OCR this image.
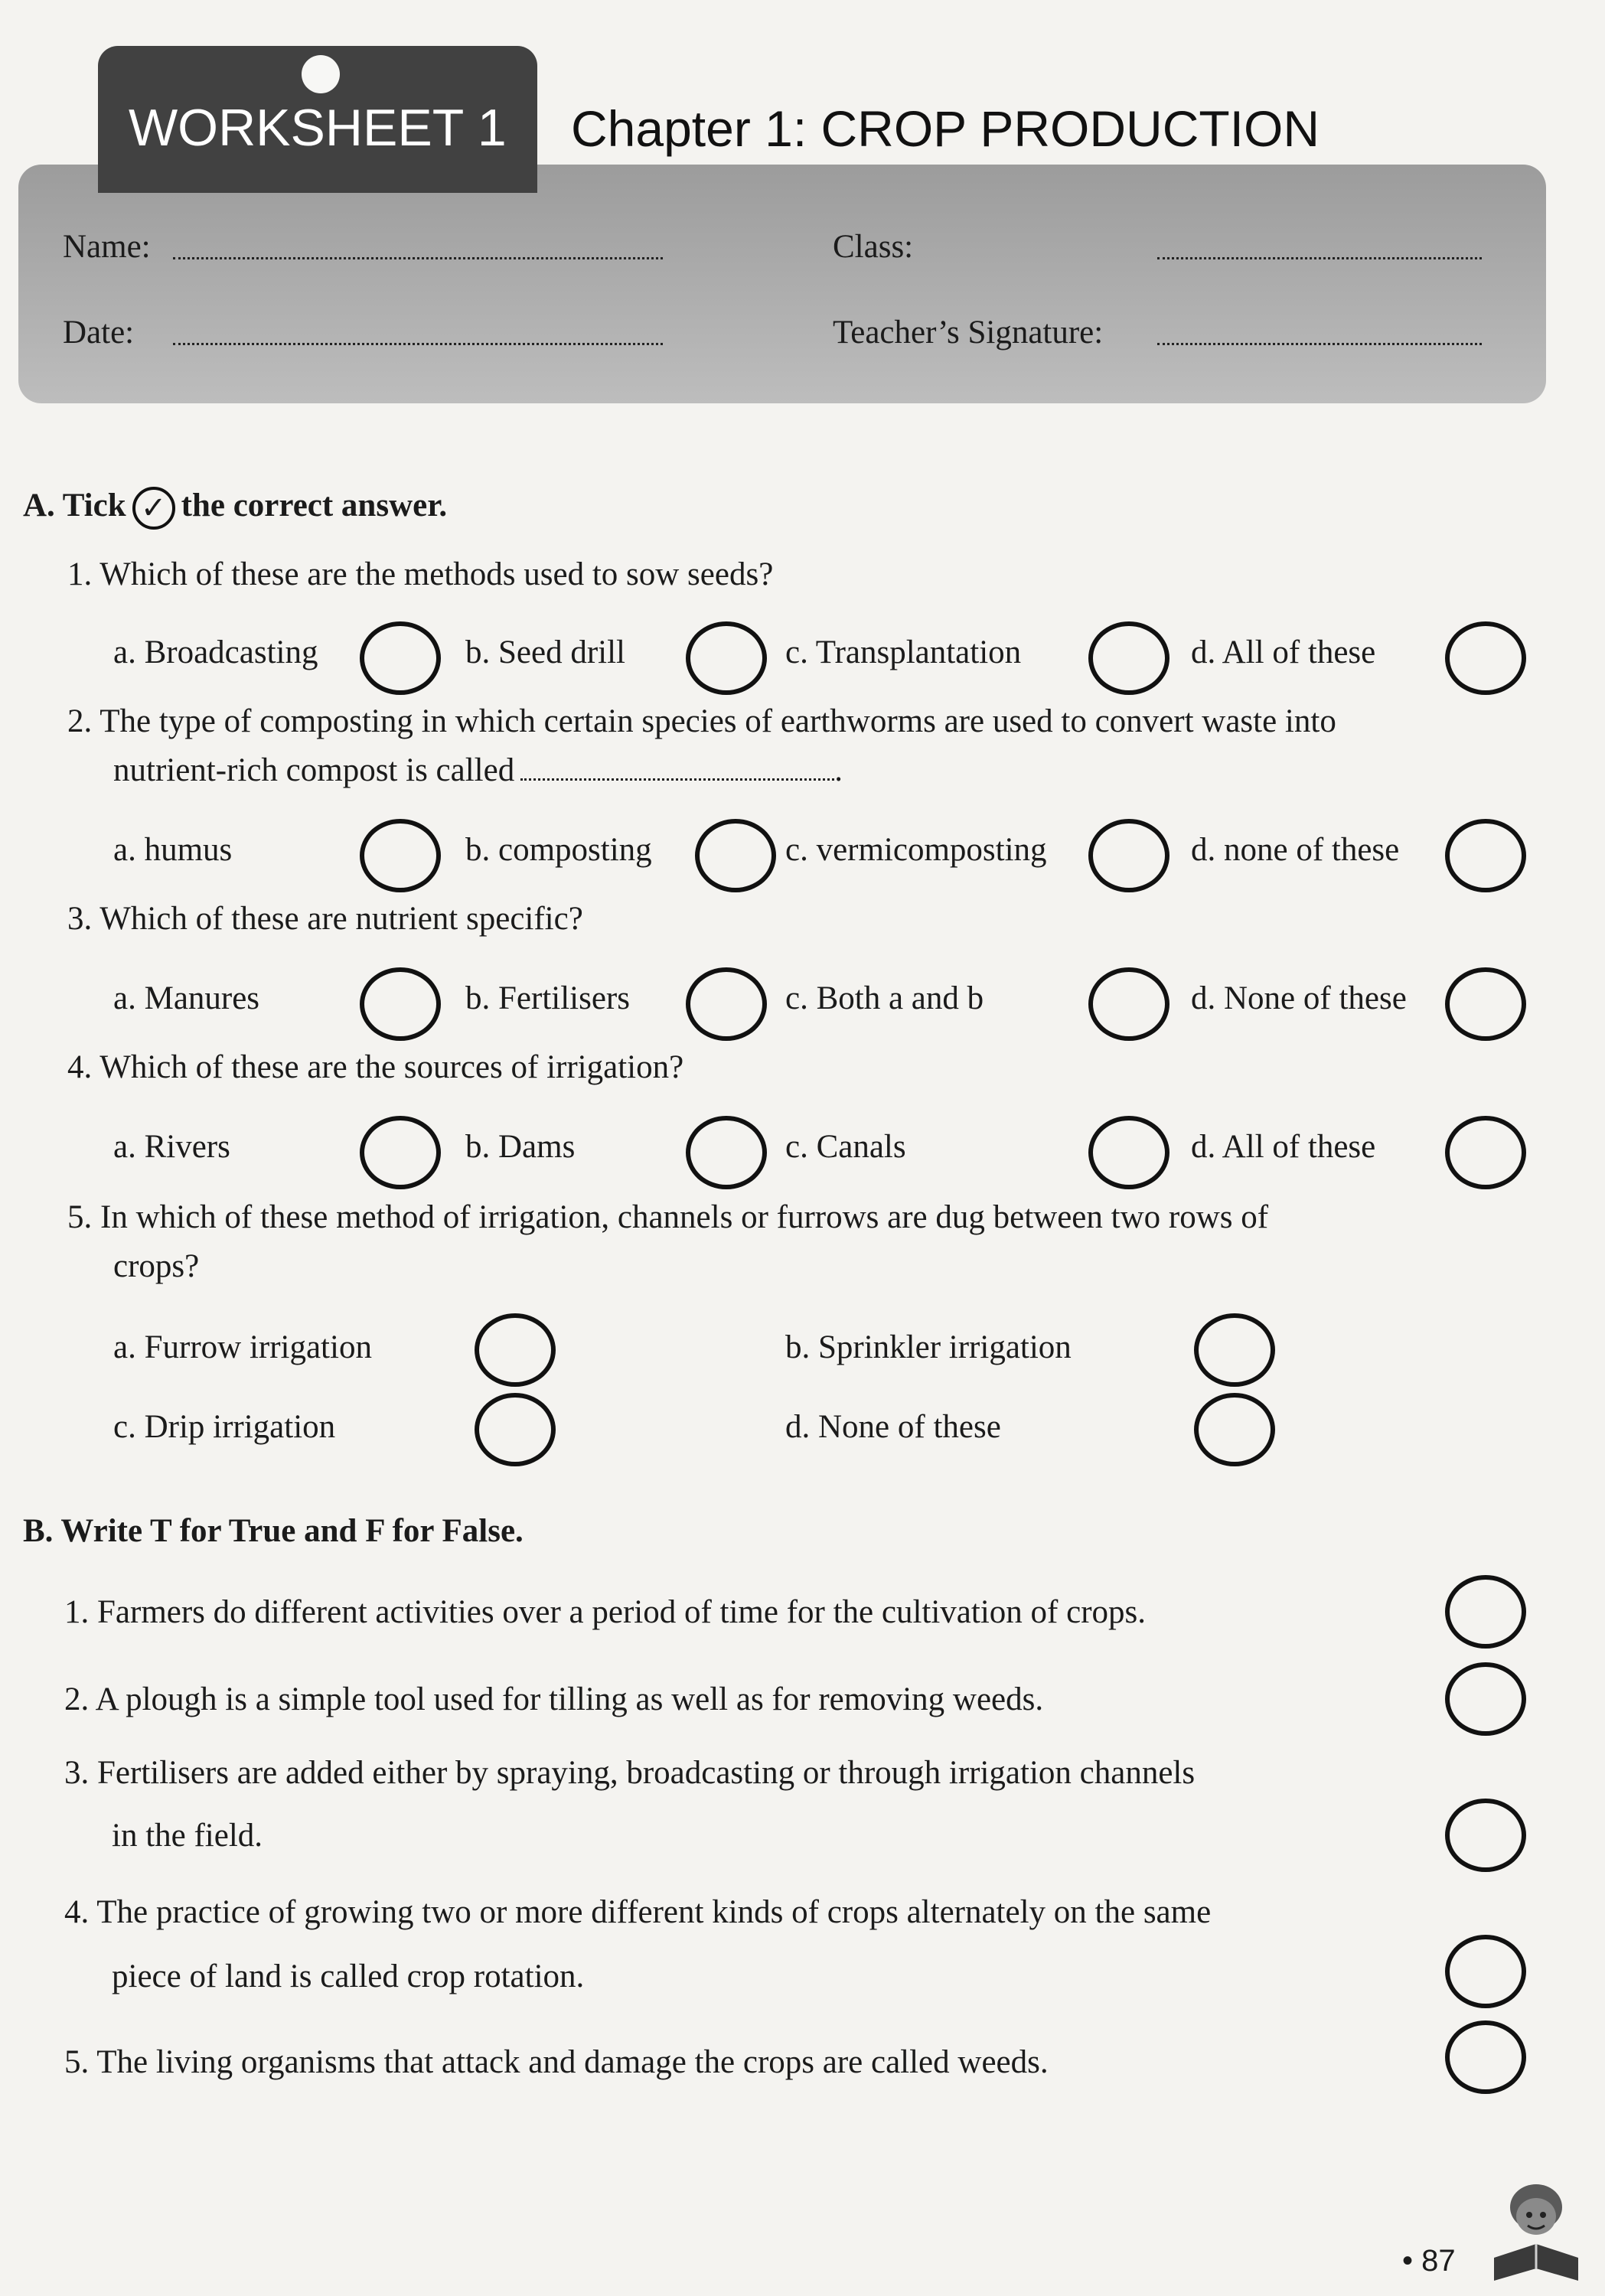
WORKSHEET 1 Chapter 1: CROP PRODUCTION
Name:	Class:
Date:	Teacher’s Signature:
A. Tick ✓ the correct answer.
1. Which of these are the methods used to sow seeds?
a. Broadcasting	b. Seed drill	c. Transplantation	d. All of these
2. The type of composting in which certain species of earthworms are used to convert waste into
nutrient-rich compost is called	.
a. humus	b. composting	c. vermicomposting	d. none of these
3. Which of these are nutrient specific?
a. Manures	b. Fertilisers	c. Both a and b	d. None of these
4. Which of these are the sources of irrigation?
a. Rivers	b. Dams	c. Canals	d. All of these
5. In which of these method of irrigation, channels or furrows are dug between two rows of
crops?
a. Furrow irrigation	b. Sprinkler irrigation
c. Drip irrigation	d. None of these
B. Write T for True and F for False.
1. Farmers do different activities over a period of time for the cultivation of crops.
2. A plough is a simple tool used for tilling as well as for removing weeds.
3. Fertilisers are added either by spraying, broadcasting or through irrigation channels
in the field.
4. The practice of growing two or more different kinds of crops alternately on the same
piece of land is called crop rotation.
5. The living organisms that attack and damage the crops are called weeds.
• 87
